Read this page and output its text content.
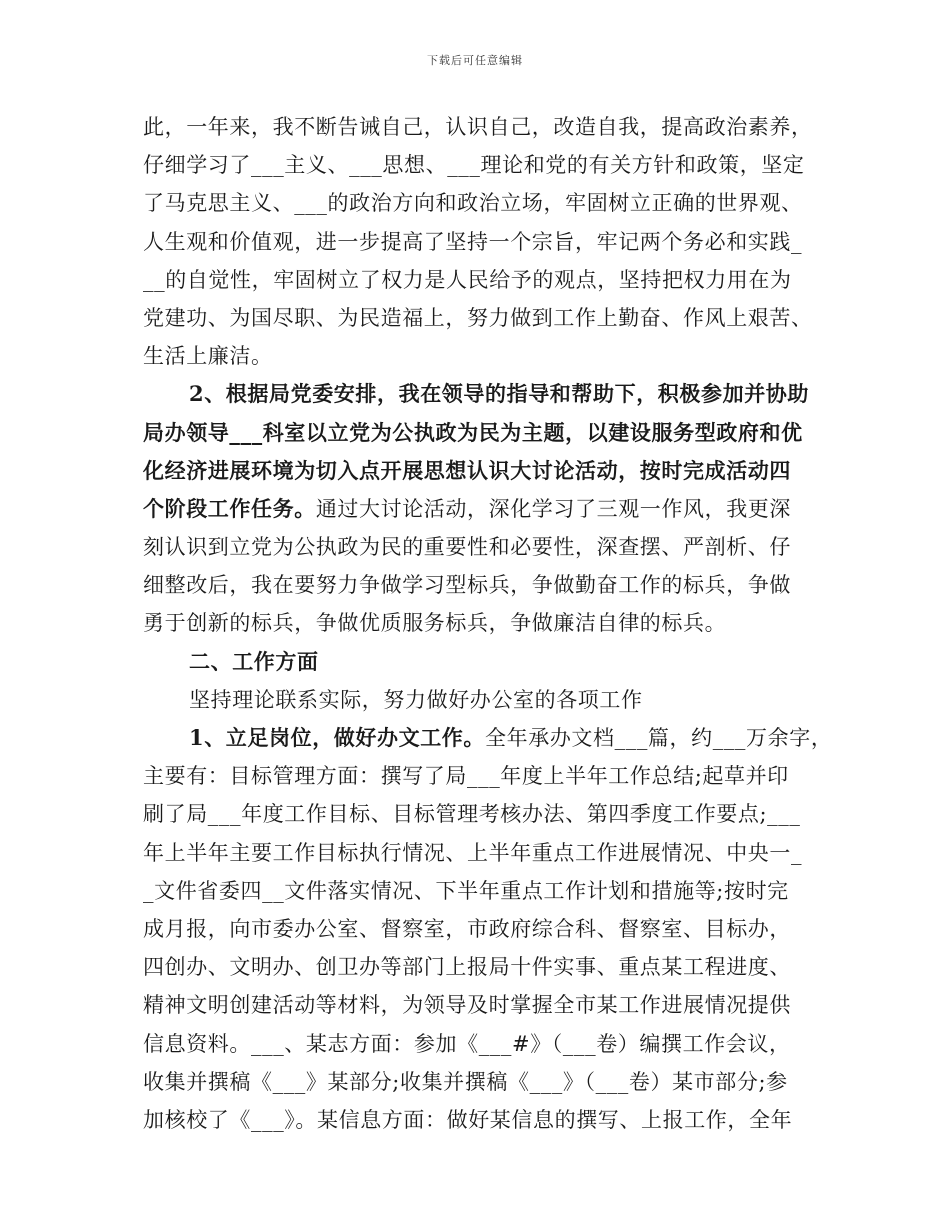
下载后可任意编辑
此，一年来，我不断告诫自己，认识自己，改造自我，提高政治素养，
仔细学习了___主义、___思想、___理论和党的有关方针和政策，坚定
了马克思主义、___的政治方向和政治立场，牢固树立正确的世界观、
人生观和价值观，进一步提高了坚持一个宗旨，牢记两个务必和实践_
__的自觉性，牢固树立了权力是人民给予的观点，坚持把权力用在为
党建功、为国尽职、为民造福上，努力做到工作上勤奋、作风上艰苦、
生活上廉洁。
2、根据局党委安排，我在领导的指导和帮助下，积极参加并协助
局办领导___科室以立党为公执政为民为主题，以建设服务型政府和优
化经济进展环境为切入点开展思想认识大讨论活动，按时完成活动四
个阶段工作任务。通过大讨论活动，深化学习了三观一作风，我更深
刻认识到立党为公执政为民的重要性和必要性，深查摆、严剖析、仔
细整改后，我在要努力争做学习型标兵，争做勤奋工作的标兵，争做
勇于创新的标兵，争做优质服务标兵，争做廉洁自律的标兵。
二、工作方面
坚持理论联系实际，努力做好办公室的各项工作
1、立足岗位，做好办文工作。全年承办文档___篇，约___万余字，
主要有：目标管理方面：撰写了局___年度上半年工作总结;起草并印
刷了局___年度工作目标、目标管理考核办法、第四季度工作要点;___
年上半年主要工作目标执行情况、上半年重点工作进展情况、中央一_
_文件省委四__文件落实情况、下半年重点工作计划和措施等;按时完
成月报，向市委办公室、督察室，市政府综合科、督察室、目标办，
四创办、文明办、创卫办等部门上报局十件实事、重点某工程进度、
精神文明创建活动等材料，为领导及时掌握全市某工作进展情况提供
信息资料。___、某志方面：参加《___#》（___卷）编撰工作会议，
收集并撰稿《___》某部分;收集并撰稿《___》（___卷）某市部分;参
加核校了《___》。某信息方面：做好某信息的撰写、上报工作，全年
